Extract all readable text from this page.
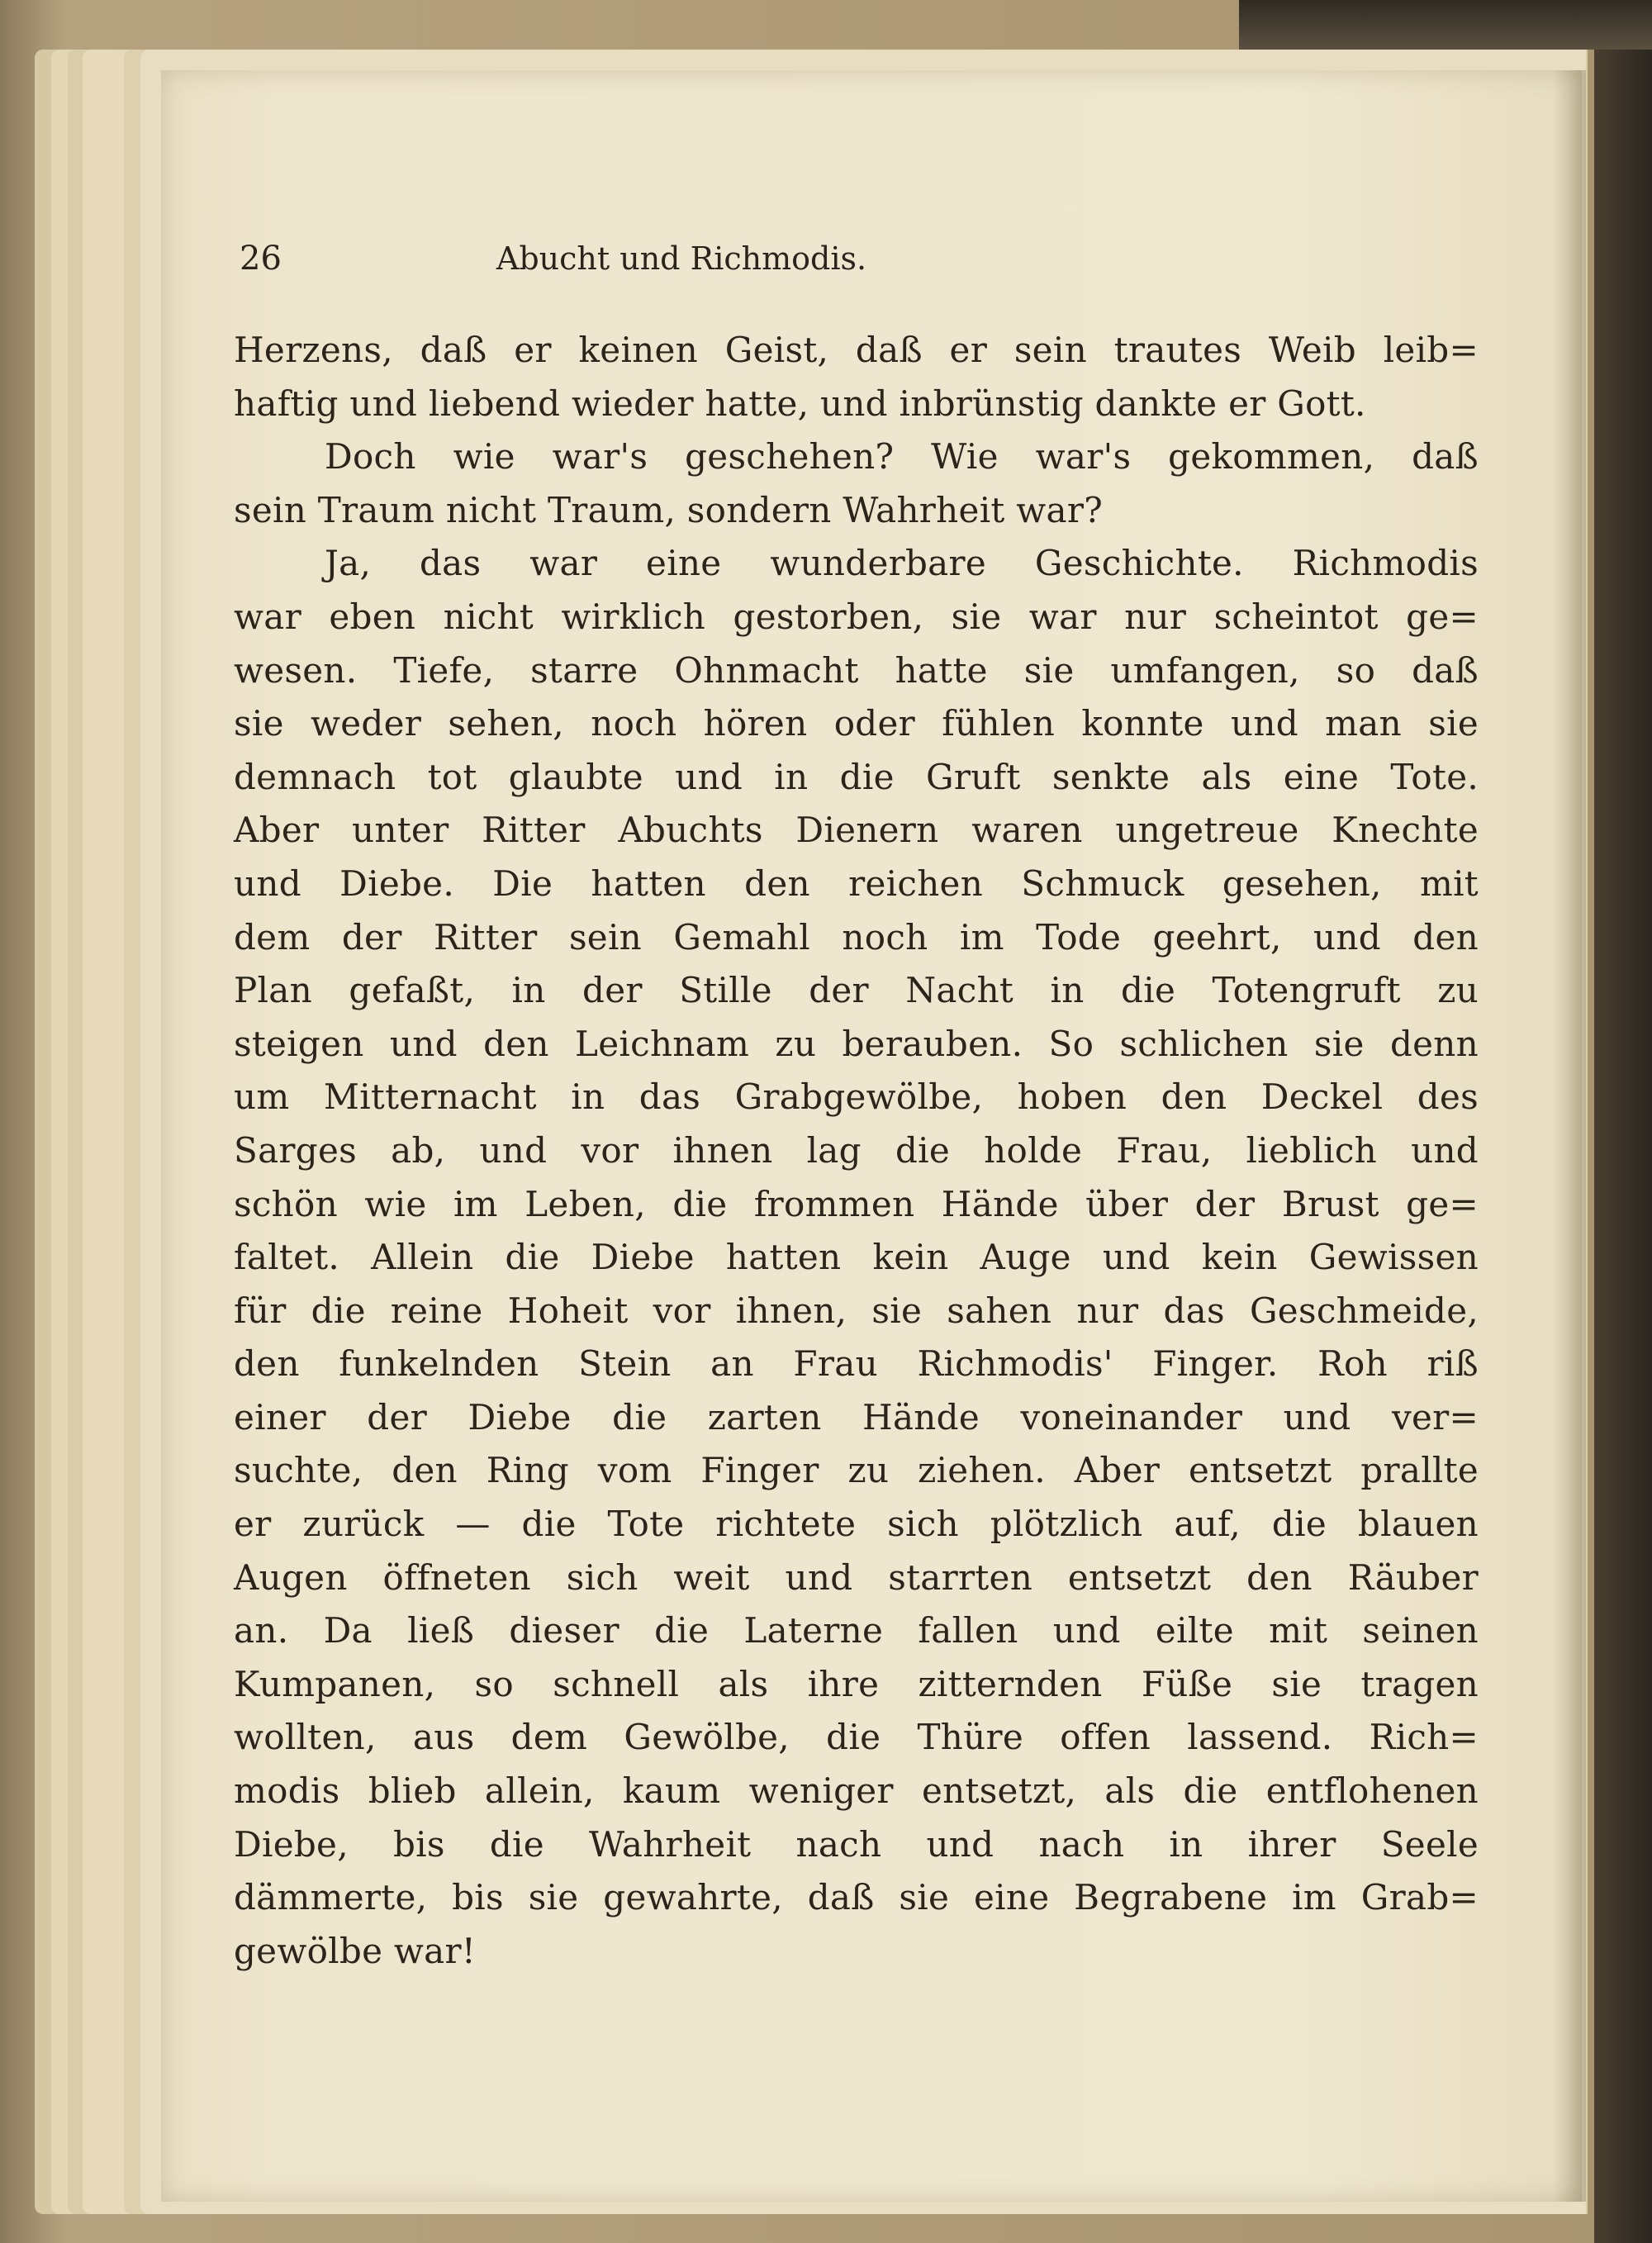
26	Abucht und Richmodis.
Herzens, daß er keinen Geist, daß er sein trautes Weib leib=
haftig und liebend wieder hatte, und inbrünstig dankte er Gott.
Doch wie war's geschehen? Wie war's gekommen, daß
sein Traum nicht Traum, sondern Wahrheit war?
Ja, das war eine wunderbare Geschichte. Richmodis
war eben nicht wirklich gestorben, sie war nur scheintot ge=
wesen. Tiefe, starre Ohnmacht hatte sie umfangen, so daß
sie weder sehen, noch hören oder fühlen konnte und man sie
demnach tot glaubte und in die Gruft senkte als eine Tote.
Aber unter Ritter Abuchts Dienern waren ungetreue Knechte
und Diebe. Die hatten den reichen Schmuck gesehen, mit
dem der Ritter sein Gemahl noch im Tode geehrt, und den
Plan gefaßt, in der Stille der Nacht in die Totengruft zu
steigen und den Leichnam zu berauben. So schlichen sie denn
um Mitternacht in das Grabgewölbe, hoben den Deckel des
Sarges ab, und vor ihnen lag die holde Frau, lieblich und
schön wie im Leben, die frommen Hände über der Brust ge=
faltet. Allein die Diebe hatten kein Auge und kein Gewissen
für die reine Hoheit vor ihnen, sie sahen nur das Geschmeide,
den funkelnden Stein an Frau Richmodis' Finger. Roh riß
einer der Diebe die zarten Hände voneinander und ver=
suchte, den Ring vom Finger zu ziehen. Aber entsetzt prallte
er zurück — die Tote richtete sich plötzlich auf, die blauen
Augen öffneten sich weit und starrten entsetzt den Räuber
an. Da ließ dieser die Laterne fallen und eilte mit seinen
Kumpanen, so schnell als ihre zitternden Füße sie tragen
wollten, aus dem Gewölbe, die Thüre offen lassend. Rich=
modis blieb allein, kaum weniger entsetzt, als die entflohenen
Diebe, bis die Wahrheit nach und nach in ihrer Seele
dämmerte, bis sie gewahrte, daß sie eine Begrabene im Grab=
gewölbe war!
